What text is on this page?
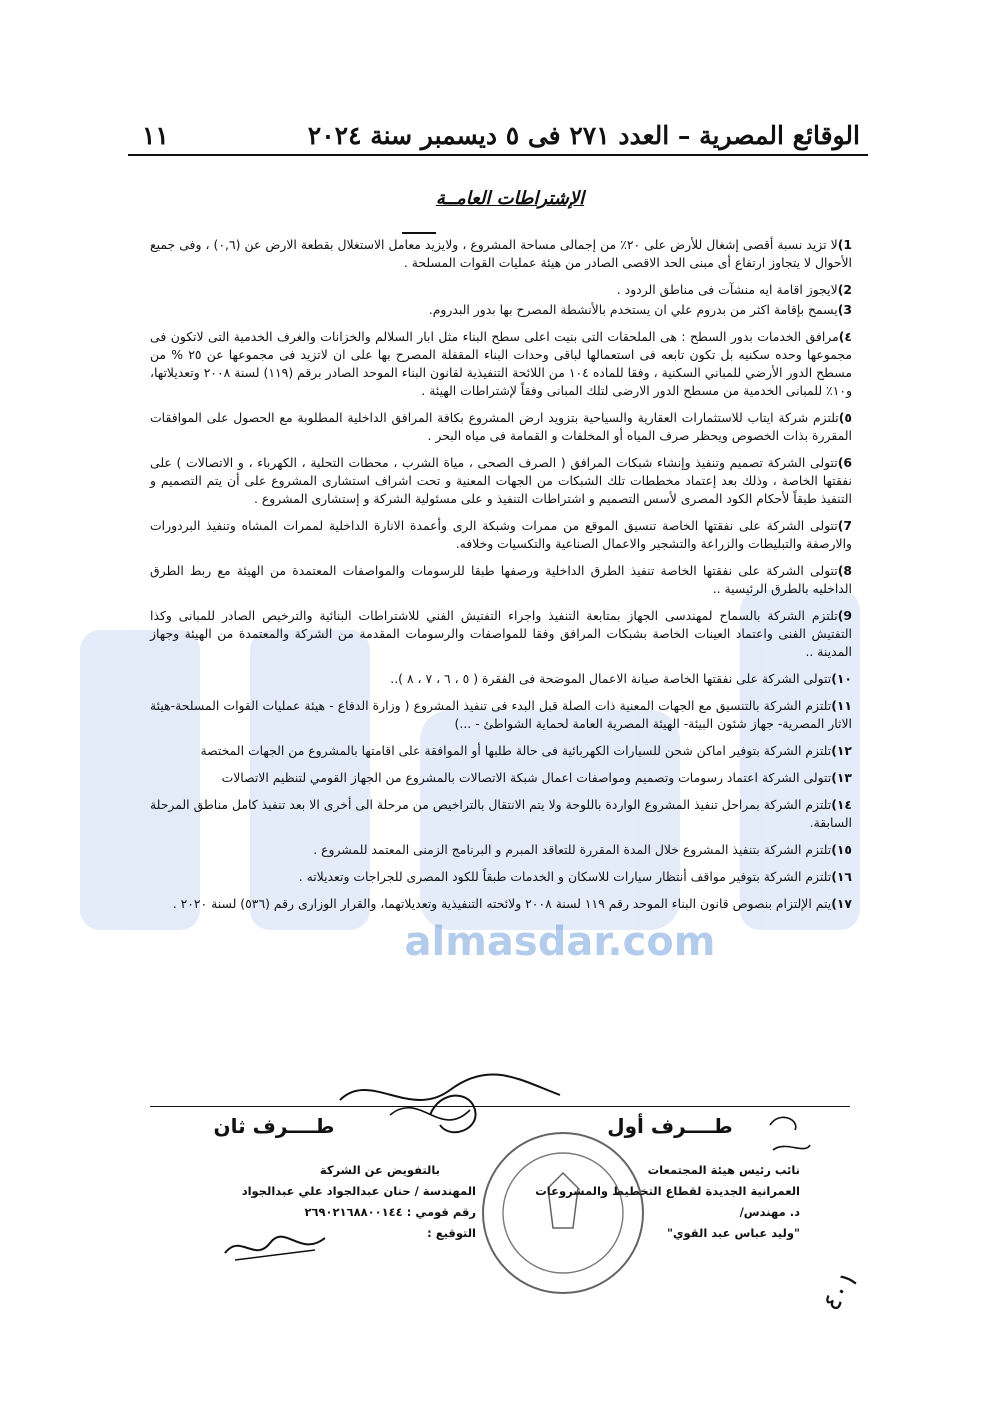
almasdar.com
الوقائع المصرية – العدد ٢٧١ فى ٥ ديسمبر سنة ٢٠٢٤
١١
الإشتراطات العامــة

1)لا تزيد نسبة أقصى إشغال للأرض على ٢٠٪ من إجمالى مساحة المشروع ، ولايزيد معامل الاستغلال بقطعة الارض عن (٠,٦) ، وفى جميع الأحوال لا يتجاوز ارتفاع أى مبنى الحد الاقصى الصادر من هيئة عمليات القوات المسلحة .

2)لايجوز اقامة ايه منشآت فى مناطق الردود .

3)يسمح بإقامة اكثر من بدروم علي ان يستخدم بالأنشطة المصرح بها بدور البدروم.

٤)مرافق الخدمات بدور السطح : هى الملحقات التى بنيت اعلى سطح البناء مثل ابار السلالم والخزانات والغرف الخدمية التى لاتكون فى مجموعها وحده سكنيه بل تكون تابعه فى استعمالها لباقى وحدات البناء المقفلة المصرح بها على ان لاتزيد فى مجموعها عن ٢٥ % من مسطح الدور الأرضي للمباني السكنية ، وفقا للماده ١٠٤ من اللائحة التنفيذية لقانون البناء الموحد الصادر برقم (١١٩) لسنة ٢٠٠٨ وتعديلاتها، و١٠٪ للمبانى الخدمية من مسطح الدور الارضى لتلك المبانى وفقاً لإشتراطات الهيئة .

٥)تلتزم شركة ايتاب للاستثمارات العقارية والسياحية بتزويد ارض المشروع بكافة المرافق الداخلية المطلوبة مع الحصول على الموافقات المقررة بذات الخصوص ويحظر صرف المياه أو المخلفات و القمامة فى مياه البحر .

6)تتولى الشركة تصميم وتنفيذ وإنشاء شبكات المرافق ( الصرف الصحى ، مياة الشرب ، محطات التحلية ، الكهرباء ، و الاتصالات ) على نفقتها الخاصة ، وذلك بعد إعتماد مخططات تلك الشبكات من الجهات المعنية و تحت اشراف استشارى المشروع على أن يتم التصميم و التنفيذ طبقاً لأحكام الكود المصرى لأسس التصميم و اشتراطات التنفيذ و على مسئولية الشركة و إستشارى المشروع .

7)تتولى الشركة على نفقتها الخاصة تنسيق الموقع من ممرات وشبكة الرى وأعمدة الانارة الداخلية لممرات المشاه وتنفيذ البردورات والارصفة والتبليطات والزراعة والتشجير والاعمال الصناعية والتكسيات وخلافه.

8)تتولى الشركة على نفقتها الخاصة تنفيذ الطرق الداخلية ورصفها طبقا للرسومات والمواصفات المعتمدة من الهيئة مع ربط الطرق الداخليه بالطرق الرئيسية ..

9)تلتزم الشركة بالسماح لمهندسى الجهاز بمتابعة التنفيذ واجراء التفتيش الفني للاشتراطات البنائية والترخيص الصادر للمبانى وكذا التفتيش الفنى واعتماد العينات الخاصة بشبكات المرافق وفقا للمواصفات والرسومات المقدمة من الشركة والمعتمدة من الهيئة وجهاز المدينة ..

١٠)تتولى الشركة على نفقتها الخاصة صيانة الاعمال الموضحة فى الفقرة ( ٥ ، ٦ ، ٧ ، ٨ )..

١١)تلتزم الشركة بالتنسيق مع الجهات المعنية ذات الصلة قبل البدء فى تنفيذ المشروع ( وزارة الدفاع - هيئة عمليات القوات المسلحة-هيئة الاثار المصرية- جهاز شئون البيئة- الهيئة المصرية العامة لحماية الشواطئ - ...)

١٢)تلتزم الشركة بتوفير اماكن شحن للسيارات الكهربائية فى حالة طلبها أو الموافقة على اقامتها بالمشروع من الجهات المختصة

١٣)تتولى الشركة اعتماد رسومات وتصميم ومواصفات اعمال شبكة الاتصالات بالمشروع من الجهاز القومي لتنظيم الاتصالات

١٤)تلتزم الشركة بمراحل تنفيذ المشروع الواردة باللوحة ولا يتم الانتقال بالتراخيص من مرحلة الى أخرى الا بعد تنفيذ كامل مناطق المرحلة السابقة.

١٥)تلتزم الشركة بتنفيذ المشروع خلال المدة المقررة للتعاقد المبرم و البرنامج الزمنى المعتمد للمشروع .

١٦)تلتزم الشركة بتوفير مواقف أنتظار سيارات للاسكان و الخدمات طبقاً للكود المصرى للجراجات وتعديلاته .

١٧)يتم الإلتزام بنصوص قانون البناء الموحد رقم ١١٩ لسنة ٢٠٠٨ ولائحته التنفيذية وتعديلاتهما، والقرار الوزارى رقم (٥٣٦) لسنة ٢٠٢٠ .

طــــرف ثان	طــــرف أول
بالتفويض عن الشركة
المهندسة / حنان عبدالجواد علي عبدالجواد
رقم قومي : ٢٦٩٠٢١٦٨٨٠٠١٤٤
التوقيع :
نائب رئيس هيئة المجتمعات
العمرانية الجديدة لقطاع التخطيط والمشروعات
د. مهندس/
"وليد عباس عبد القوي"
٤٠١
